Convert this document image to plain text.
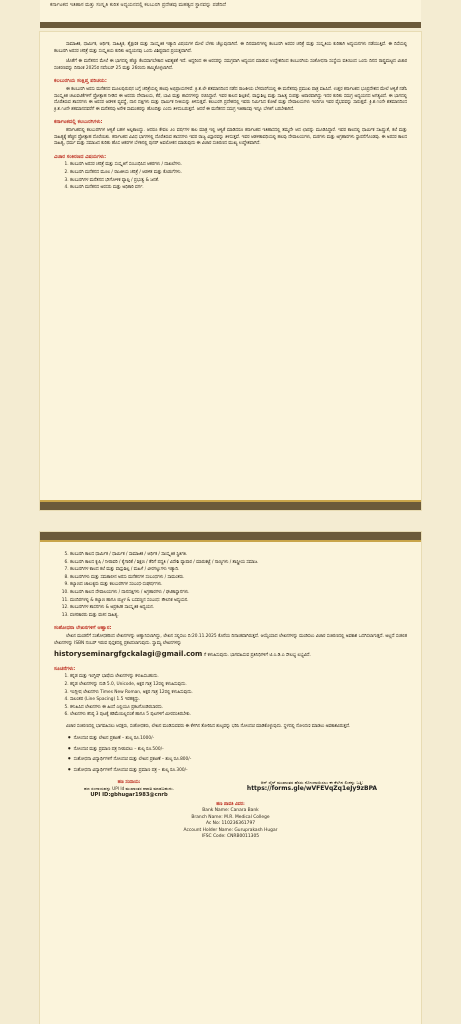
ಕರ್ನಾಟಕದ ಇತಿಹಾಸ ಮತ್ತು ಸಂಸ್ಕೃತಿ ಕುರಿತ ಅಧ್ಯಯನದಲ್ಲಿ ಕಲಬುರಗಿ ಪ್ರದೇಶವು ಮಹತ್ವದ ಸ್ಥಾನವನ್ನು ಪಡೆದಿದೆ

ಸಾಮಾಜಿಕ, ಧಾರ್ಮಿಕ, ಆರ್ಥಿಕ, ಸಾಹಿತ್ಯಿಕ, ಶೈಕ್ಷಣಿಕ ಮತ್ತು ಸಾಂಸ್ಕೃತಿಕ ಇತ್ಯಾದಿ ವಿಷಯಗಳ ಮೇಲೆ ಬೆಳಕು ಚೆಲ್ಲುವುದಾಗಿದೆ. ಈ ದಿನಮಾನಗಳಲ್ಲಿ ಕಲಬುರಗಿ ಅರಸರ ಚರಿತ್ರೆ ಮತ್ತು ಸಂಸ್ಕೃತಿಯ ಕುರಿತಾಗಿ ಅಧ್ಯಯನಗಳು ನಡೆಯುತ್ತಿವೆ. ಈ ದಿಸೆಯಲ್ಲಿ ಕಲಬುರಗಿ ಅರಸರ ಚರಿತ್ರೆ ಮತ್ತು ಸಂಸ್ಕೃತಿಯ ಕುರಿತು ಅಧ್ಯಯನವು ಒಂದು ವಿಶಿಷ್ಟವಾದ ಪ್ರಯತ್ನವಾಗಿದೆ.

ಜೊತೆಗೆ ಈ ಮನೆತನದ ಮೇಲೆ ಈ ಭಾಗದಲ್ಲಿ ಹೆಚ್ಚು ಕೆಲಸವಾಗಬೇಕಾದ ಅವಶ್ಯಕತೆ ಇದೆ. ಅದ್ದರಿಂದ ಈ ಅರಸರನ್ನು ಸಮಗ್ರವಾಗಿ ಅಧ್ಯಯನ ಮಾಡುವ ಉದ್ದೇಶದಿಂದ ಕಲಬುರಗಿಯ ಸಂಶೋಧನಾ ಸಂಸ್ಥೆಯ ವತಿಯಿಂದ ಒಂದು ದಿನದ ರಾಷ್ಟ್ರಮಟ್ಟದ ವಿಚಾರ ಸಂಕಿರಣವನ್ನು ದಿನಾಂಕ 2025ರ ನವೆಂಬರ್ 25 ಮತ್ತು 26ರಂದು ಹಮ್ಮಿಕೊಳ್ಳಲಾಗಿದೆ.

ಕಲಬುರಗಿಯ ಸಂಕ್ಷಿಪ್ತ ಪರಿಚಯ:

ಈ ಕಲಬುರಗಿ ಅರಸು ಮನೆತನದ ಮೂಲಪುರುಷನ ಬಗ್ಗೆ ಚರಿತ್ರೆಯಲ್ಲಿ ಹಲವು ಅಭಿಪ್ರಾಯಗಳಿವೆ. ಕ್ರಿ.ಶ.ಲೇ ಶತಮಾನದಿಂದ ನಡೆದ ರಾಜಕೀಯ ಬೆಳವಣಿಗೆಯಲ್ಲಿ ಈ ಮನೆತನವು ಪ್ರಮುಖ ಪಾತ್ರ ವಹಿಸಿದೆ. ಉತ್ತರ ಕರ್ನಾಟಕದ ಭೂಪ್ರದೇಶದ ಮೇಲೆ ಆಳ್ವಿಕೆ ನಡೆಸಿ ಸಾಂಸ್ಕೃತಿಕ ಚಟುವಟಿಕೆಗಳಿಗೆ ಪ್ರೋತ್ಸಾಹ ನೀಡಿದ ಈ ಅರಸರು ದೇವಾಲಯ, ಕೆರೆ, ಬಾವಿ ಮತ್ತು ಶಾಸನಗಳನ್ನು ರಚಿಸಿದ್ದಾರೆ. ಇವರ ಕಾಲದ ಶಿಲ್ಪಕಲೆ, ವಾಸ್ತುಶಿಲ್ಪ ಮತ್ತು ಸಾಹಿತ್ಯ ಸಂಪತ್ತು ಅಪಾರವಾಗಿದ್ದು ಇದರ ಕುರಿತು ಸಮಗ್ರ ಅಧ್ಯಯನದ ಅಗತ್ಯವಿದೆ. ಈ ಭಾಗದಲ್ಲಿ ದೊರೆತಿರುವ ಶಾಸನಗಳು ಈ ಅರಸರ ಆಡಳಿತ ವ್ಯವಸ್ಥೆ, ದಾನ ದತ್ತಿಗಳು ಮತ್ತು ಧಾರ್ಮಿಕ ನೀತಿಯನ್ನು ತಿಳಿಸುತ್ತವೆ. ಕಲಬುರಗಿ ಪ್ರದೇಶದಲ್ಲಿ ಇವರು ನಿರ್ಮಿಸಿದ ಕೋಟೆ ಮತ್ತು ದೇವಾಲಯಗಳು ಇಂದಿಗೂ ಇವರ ವೈಭವವನ್ನು ಸಾರುತ್ತವೆ. ಕ್ರಿ.ಶ.೧೦ನೇ ಶತಮಾನದಿಂದ ಕ್ರಿ.ಶ.೧೨ನೇ ಶತಮಾನದವರೆಗೆ ಈ ಮನೆತನವು ಅನೇಕ ಸಾಮಂತರನ್ನು ಹೊಂದಿತ್ತು ಎಂದು ತಿಳಿದುಬರುತ್ತದೆ. ಆದರೆ ಈ ಮನೆತನದ ಸಮಗ್ರ ಇತಿಹಾಸವು ಇನ್ನೂ ಬೆಳಕಿಗೆ ಬರಬೇಕಾಗಿದೆ.

ಕರ್ನಾಟಕದಲ್ಲಿ ಕಲಬುರಗಿಗಳು:

ಕರ್ನಾಟಕದಲ್ಲಿ ಕಲಬುರಗಿಗಳ ಆಳ್ವಿಕೆ ಬಹಳ ಅಲ್ಪಕಾಲದ್ದು. ಆದರೂ ಕೇವಲ ೨೦ ವರ್ಷಗಳ ಕಾಲ ಮಾತ್ರ ಇಲ್ಲಿ ಆಳ್ವಿಕೆ ಮಾಡಿದರೂ ಕರ್ನಾಟಕದ ಇತಿಹಾಸದಲ್ಲಿ ತಮ್ಮದೇ ಆದ ಛಾಪನ್ನು ಮೂಡಿಸಿದ್ದಾರೆ. ಇವರ ಕಾಲದಲ್ಲಿ ಧಾರ್ಮಿಕ ಸಹಿಷ್ಣುತೆ, ಕಲೆ ಮತ್ತು ಸಾಹಿತ್ಯಕ್ಕೆ ಹೆಚ್ಚಿನ ಪ್ರೋತ್ಸಾಹ ದೊರೆಯಿತು. ಕರ್ನಾಟಕದ ವಿವಿಧ ಭಾಗಗಳಲ್ಲಿ ದೊರೆತಿರುವ ಶಾಸನಗಳು ಇವರ ರಾಜ್ಯ ವಿಸ್ತಾರವನ್ನು ತಿಳಿಸುತ್ತವೆ. ಇವರ ಆಡಳಿತಾವಧಿಯಲ್ಲಿ ಹಲವು ದೇವಾಲಯಗಳು, ಮಠಗಳು ಮತ್ತು ಅಗ್ರಹಾರಗಳು ಸ್ಥಾಪನೆಗೊಂಡವು. ಈ ಅರಸರ ಕಾಲದ ಸಾಹಿತ್ಯ, ಧರ್ಮ ಮತ್ತು ಸಮಾಜದ ಕುರಿತು ಹೊಸ ಆಕರಗಳ ಬೆಳಕಿನಲ್ಲಿ ಪುನರ್ ಅವಲೋಕನ ಮಾಡುವುದು ಈ ವಿಚಾರ ಸಂಕಿರಣದ ಮುಖ್ಯ ಉದ್ದೇಶವಾಗಿದೆ.

ವಿಚಾರ ಸಂಕಿರಣದ ವಿಷಯಗಳು:
1. ಕಲಬುರಗಿ ಅರಸರ ಚರಿತ್ರೆ ಮತ್ತು ಸಂಸ್ಕೃತಿಗೆ ಸಂಬಂಧಿಸಿದ ಆಕರಗಳು / ದಾಖಲೆಗಳು.
2. ಕಲಬುರಗಿ ಮನೆತನದ ಮೂಲ / ರಾಜಕೀಯ ಚರಿತ್ರೆ / ಆಡಳಿತ ಮತ್ತು ಕೊಡುಗೆಗಳು.
3. ಕಲಬುರಗಿಗಳ ಮನೆತನದ ಭೌಗೋಳಿಕ ವ್ಯಾಪ್ತಿ / ಪ್ರಭುತ್ವ & ಜನತೆ.
4. ಕಲಬುರಗಿ ಮನೆತನದ ಅರಸರು ಮತ್ತು ಅಧಿಕಾರಿ ವರ್ಗ.
5. ಕಲಬುರಗಿ ಕಾಲದ ಧಾರ್ಮಿಕ / ಧಾರ್ಮಿಕ / ಸಾಮಾಜಿಕ / ಆರ್ಥಿಕ / ಸಾಂಸ್ಕೃತಿಕ ಸ್ಥಿತಿಗತಿ.
6. ಕಲಬುರಗಿ ಕಾಲದ ಕೃಷಿ / ನೀರಾವರಿ / ಕೈಗಾರಿಕೆ / ಶಿಕ್ಷಣ / ತೆರಿಗೆ ಪದ್ಧತಿ / ವಿದೇಶಿ ವ್ಯಾಪಾರ / ಮಾರುಕಟ್ಟೆ / ನಾಣ್ಯಗಳು / ಶಾಸ್ತ್ರೀಯ ಸಮಾಜ.
7. ಕಲಬುರಗಿಗಳ ಕಾಲದ ಕಲೆ ಮತ್ತು ವಾಸ್ತುಶಿಲ್ಪ / ಮಹಿಳೆ / ವೀರಗಲ್ಲುಗಳು ಇತ್ಯಾದಿ.
8. ಕಲಬುರಗಿಗಳು ಮತ್ತು ಸಮಕಾಲೀನ ಅರಸು ಮನೆತನಗಳ ಸಂಬಂಧಗಳು / ಸಾಮಂತರು.
9. ಕಲ್ಯಾಣದ ಚಾಲುಕ್ಯರು ಮತ್ತು ಕಲಬುರಗಿಗಳ ಸಂಬಂಧ-ಸಂಘರ್ಷಗಳು.
10. ಕಲಬುರಗಿ ಕಾಲದ ದೇವಾಲಯಗಳು / ದಾನದತ್ತಿಗಳು / ಅಗ್ರಹಾರಗಳು / ಘಟಿಕಾಸ್ಥಾನಗಳು.
11. ಮಂದಿರಗಳಲ್ಲಿ & ಕಲ್ಯಾಣ ಹಾಗೂ ಬಿಜ್ಜಳ & ಬಸವಣ್ಣನ ಸಂಬಂಧ: ತೌಲನಿಕ ಅಧ್ಯಯನ.
12. ಕಲಬುರಗಿಗಳ ಶಾಸನಗಳು & ಅಪ್ರಕಟಿತ ಸಾಂಸ್ಕೃತಿಕ ಅಧ್ಯಯನ.
13. ವಚನಕಾರರು ಮತ್ತು ವಚನ ಸಾಹಿತ್ಯ.
ಸಂಶೋಧನಾ ಲೇಖನಗಳಿಗೆ ಆಹ್ವಾನ:

ಲೇಖನ ಮಂಡನೆಗೆ ಸಂಶೋಧಕರಿಂದ ಲೇಖನಗಳನ್ನು ಆಹ್ವಾನಿಸಲಾಗಿದ್ದು, ಲೇಖನ ಸಲ್ಲಿಸಲು ದಿ:20.11.2025 ಕೊನೆಯ ದಿನಾಂಕವಾಗಿರುತ್ತದೆ. ಆಯ್ಕೆಯಾದ ಲೇಖನಗಳನ್ನು ಮಂಡಿಸಲು ವಿಚಾರ ಸಂಕಿರಣದಲ್ಲಿ ಅವಕಾಶ ಒದಗಿಸಲಾಗುತ್ತದೆ. ಅಲ್ಲದೆ ಸಂಕಲಿತ ಲೇಖನಗಳನ್ನು ISBN ನಂಬರ್ ಇರುವ ಪುಸ್ತಕದಲ್ಲಿ ಪ್ರಕಟಿಸಲಾಗುವುದು. ಸ್ವಾಮ್ಯ ಲೇಖನಗಳನ್ನು

historyseminargfgckalagi@gmail.com ಗೆ ಕಳುಹಿಸುವುದು. ಭಾಗವಹಿಸುವ ಪ್ರತಿನಿಧಿಗಳಿಗೆ ಟಿ.ಎ.ಡಿ.ಎ ಸೌಲಭ್ಯ ಲಭ್ಯವಿದೆ.
ಸೂಚನೆಗಳು:
1. ಕನ್ನಡ ಮತ್ತು ಇಂಗ್ಲಿಷ್ ಭಾಷೆಯ ಲೇಖನಗಳನ್ನು ಕಳುಹಿಸಬಹುದು.
2. ಕನ್ನಡ ಲೇಖನಗಳನ್ನು ನುಡಿ 5.0, Unicode, ಅಕ್ಷರ ಗಾತ್ರ 12ರಲ್ಲಿ ಕಳುಹಿಸುವುದು.
3. ಇಂಗ್ಲೀಷ ಲೇಖನಗಳು Times New Roman, ಅಕ್ಷರ ಗಾತ್ರ 12ರಲ್ಲಿ ಕಳುಹಿಸುವುದು.
4. ಸಾಲಂತರ (Line Spacing) 1.5 ಇರತಕ್ಕದ್ದು.
5. ಕಳುಹಿಸಿದ ಲೇಖನಗಳು ಈ ಹಿಂದೆ ಎಲ್ಲಿಯೂ ಪ್ರಕಟಗೊಂಡಿರಬಾರದು.
6. ಲೇಖನಗಳು ಕನಿಷ್ಠ 3 ಪುಟಕ್ಕೆ ಕಡಿಮೆಯಿಲ್ಲದಂತೆ ಹಾಗೂ 5 ಪುಟಗಳಿಗೆ ಮೀರದಂತಿರಬೇಕು.

ವಿಚಾರ ಸಂಕಿರಣದಲ್ಲಿ ಭಾಗವಹಿಸಲು ಆಸಕ್ತರು, ಸಂಶೋಧಕರು, ಲೇಖನ ಮಂಡಿಸುವವರು ಈ ಕೆಳಗಿನ ತೋರಿಸಿದ ಶುಲ್ಕವನ್ನು ಭರಿಸಿ ನೋಂದಣಿ ಮಾಡಿಕೊಳ್ಳುವುದು. ಸ್ಥಳದಲ್ಲಿ ನೋಂದಣಿ ಮಾಡಲು ಅವಕಾಶವಿರುತ್ತದೆ.

● ನೋಂದಣಿ ಮತ್ತು ಲೇಖನ ಪ್ರಕಟಣೆ – ಶುಲ್ಕ ರೂ.1000/-
● ನೋಂದಣಿ ಮತ್ತು ಪ್ರಮಾಣ ಪತ್ರ ನೀಡುವಲು – ಶುಲ್ಕ ರೂ.500/-
● ಸಂಶೋಧನಾ ವಿದ್ಯಾರ್ಥಿಗಳಿಗೆ ನೋಂದಣಿ ಮತ್ತು ಲೇಖನ ಪ್ರಕಟಣೆ – ಶುಲ್ಕ ರೂ.800/-
● ಸಂಶೋಧನಾ ವಿದ್ಯಾರ್ಥಿಗಳಿಗೆ ನೋಂದಣಿ ಮತ್ತು ಪ್ರಮಾಣ ಪತ್ರ – ಶುಲ್ಕ ರೂ.300/-
ಹಣ ಸಂದಾಯ:
ಹಣ ಸಂದಾಯವನ್ನು UPI Id ಮುಖಾಂತರ ಪಾವತಿ ಮಾಡಬಹುದು.
UPI ID:gbhugar1983@cnrb
ಆನ್ ಲೈನ್ ಮುಖಾಂತರ ಹೆಸರು ನೋಂದಾಯಿಸಲು ಈ ಕೆಳಗಿನ ಲಿಂಕನ್ನು ಒತ್ತಿ:
https://forms.gle/wVFEVqZq1eJy9zBPA
ಹಣ ಪಾವತಿ ವಿವರ:
Bank Name: Canara Bank
Branch Name: M.R. Medical College
Ac No: 110236361797
Account Holder Name: Guruprakash Hugar
IFSC Code: CNRB0011305
